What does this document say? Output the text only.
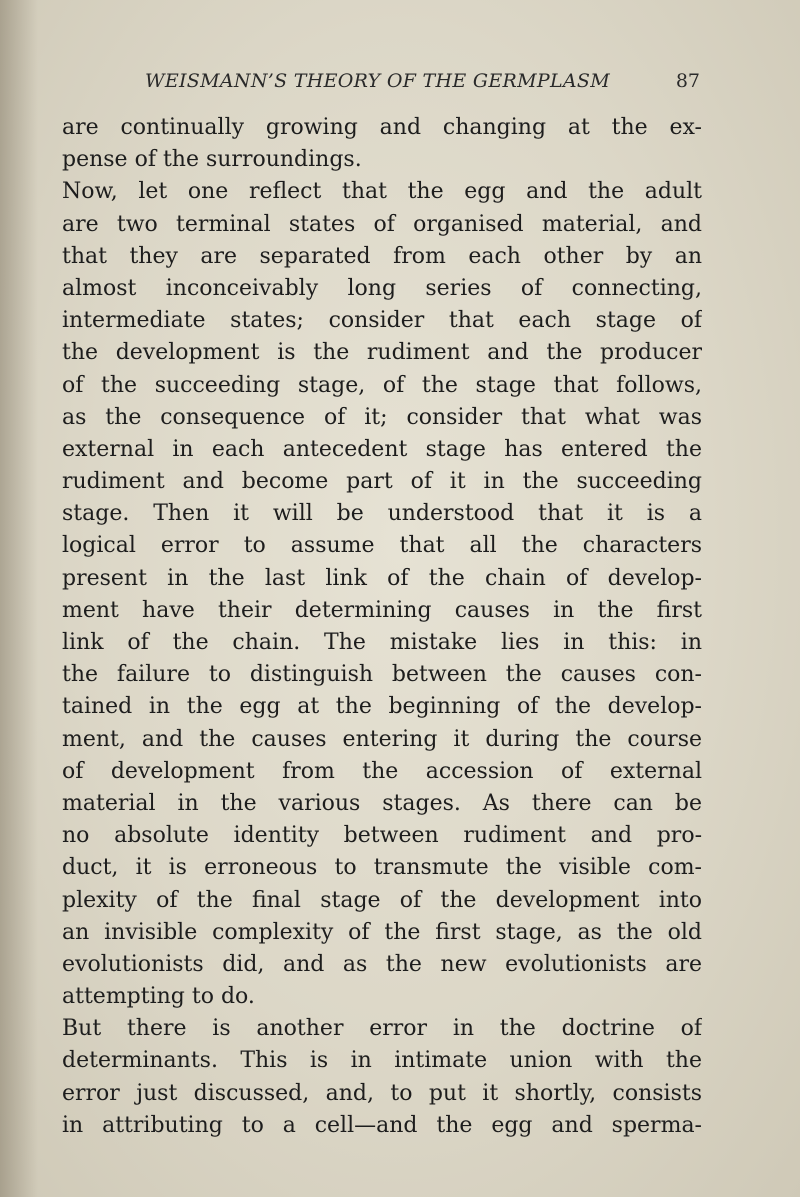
WEISMANN’S THEORY OF THE GERMPLASM	87
are continually growing and changing at the ex-
pense of the surroundings.
Now, let one reflect that the egg and the adult
are two terminal states of organised material, and
that they are separated from each other by an
almost inconceivably long series of connecting,
intermediate states; consider that each stage of
the development is the rudiment and the producer
of the succeeding stage, of the stage that follows,
as the consequence of it; consider that what was
external in each antecedent stage has entered the
rudiment and become part of it in the succeeding
stage. Then it will be understood that it is a
logical error to assume that all the characters
present in the last link of the chain of develop-
ment have their determining causes in the first
link of the chain. The mistake lies in this: in
the failure to distinguish between the causes con-
tained in the egg at the beginning of the develop-
ment, and the causes entering it during the course
of development from the accession of external
material in the various stages. As there can be
no absolute identity between rudiment and pro-
duct, it is erroneous to transmute the visible com-
plexity of the final stage of the development into
an invisible complexity of the first stage, as the old
evolutionists did, and as the new evolutionists are
attempting to do.
But there is another error in the doctrine of
determinants. This is in intimate union with the
error just discussed, and, to put it shortly, consists
in attributing to a cell—and the egg and sperma-
